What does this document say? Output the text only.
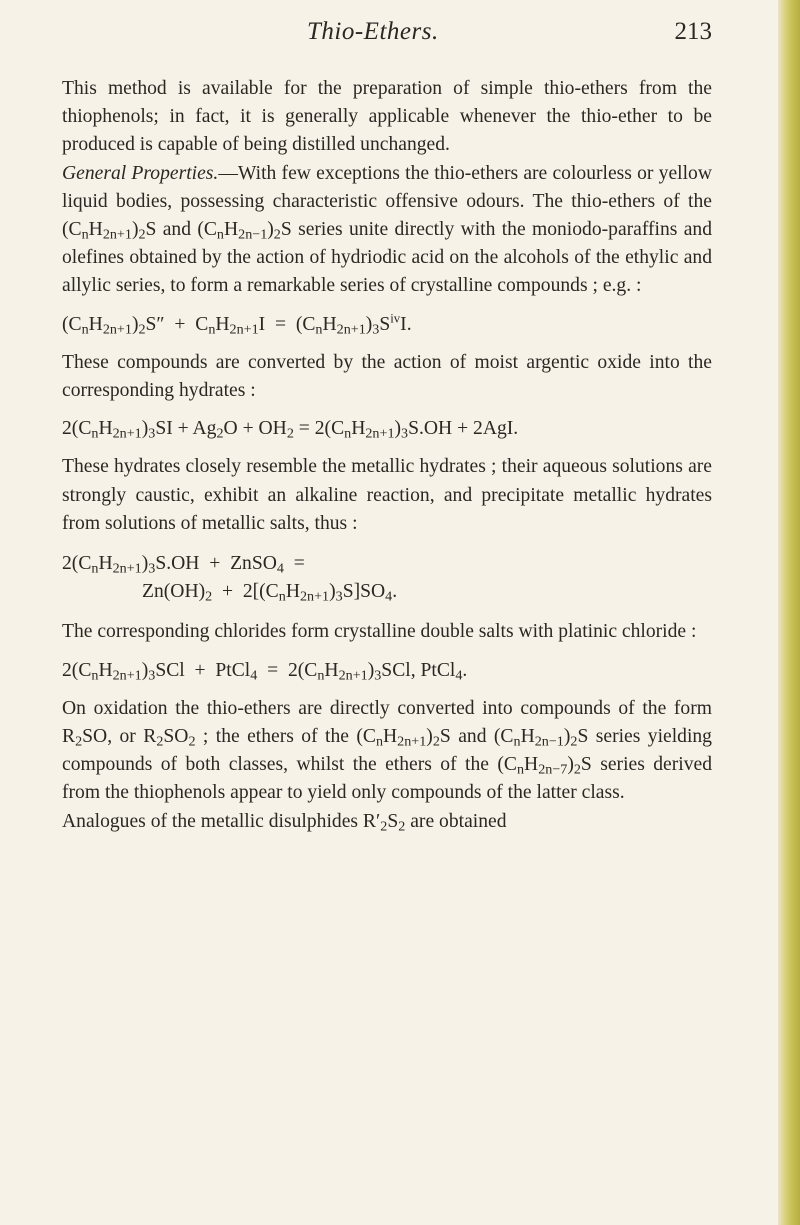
Thio-Ethers.	213

This method is available for the preparation of simple thio-ethers from the thiophenols; in fact, it is generally applicable whenever the thio-ether to be produced is capable of being distilled unchanged.

General Properties.—With few exceptions the thio-ethers are colourless or yellow liquid bodies, possessing characteristic offensive odours. The thio-ethers of the $(C_nH_{2n+1})_2S$ and $(C_nH_{2n-1})_2S$ series unite directly with the moniodo-paraffins and olefines obtained by the action of hydriodic acid on the alcohols of the ethylic and allylic series, to form a remarkable series of crystalline compounds ; e.g. :

$(C_nH_{2n+1})_2S'' + C_nH_{2n+1}I = (C_nH_{2n+1})_3S^{iv}I$.

These compounds are converted by the action of moist argentic oxide into the corresponding hydrates :

$2(C_nH_{2n+1})_3SI + Ag_2O + OH_2 = 2(C_nH_{2n+1})_3S.OH + 2AgI$.

These hydrates closely resemble the metallic hydrates ; their aqueous solutions are strongly caustic, exhibit an alkaline reaction, and precipitate metallic hydrates from solutions of metallic salts, thus :

$2(C_nH_{2n+1})_3S.OH$  +  ZnSO$_4$  =
$Zn(OH)_2 + 2[(C_nH_{2n+1})_3S]SO_4$.

The corresponding chlorides form crystalline double salts with platinic chloride :

$2(C_nH_{2n+1})_3SCl$  +  PtCl$_4$  =  $2(C_nH_{2n+1})_3SCl$, PtCl$_4$.

On oxidation the thio-ethers are directly converted into compounds of the form $R_2SO$, or $R_2SO_2$ ; the ethers of the $(C_nH_{2n+1})_2S$ and $(C_nH_{2n-1})_2S$ series yielding compounds of both classes, whilst the ethers of the $(C_nH_{2n-7})_2S$ series derived from the thiophenols appear to yield only compounds of the latter class.

Analogues of the metallic disulphides $R'_2S_2$ are obtained
